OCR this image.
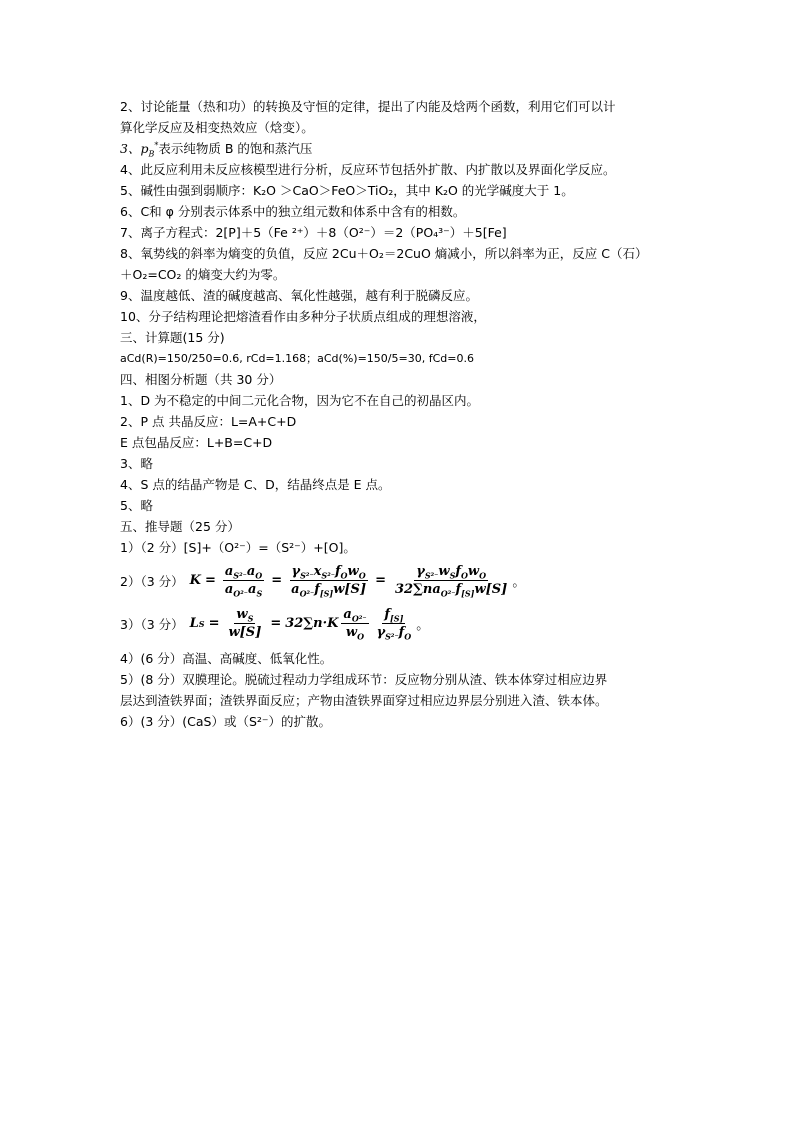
2、讨论能量（热和功）的转换及守恒的定律，提出了内能及焓两个函数，利用它们可以计
算化学反应及相变热效应（焓变）。
3、$p_B^*$表示纯物质 B 的饱和蒸汽压
4、此反应利用未反应核模型进行分析，反应环节包括外扩散、内扩散以及界面化学反应。
5、碱性由强到弱顺序：K₂O ＞CaO＞FeO＞TiO₂，其中 K₂O 的光学碱度大于 1。
6、C和 φ 分别表示体系中的独立组元数和体系中含有的相数。
7、离子方程式：2[P]＋5（Fe ²⁺）＋8（O²⁻）＝2（PO₄³⁻）＋5[Fe]
8、氧势线的斜率为熵变的负值，反应 2Cu＋O₂＝2CuO 熵减小，所以斜率为正，反应 C（石）
＋O₂=CO₂ 的熵变大约为零。
9、温度越低、渣的碱度越高、氧化性越强，越有利于脱磷反应。
10、分子结构理论把熔渣看作由多种分子状质点组成的理想溶液，
三、计算题(15 分)
aCd(R)=150/250=0.6, rCd=1.168；aCd(%)=150/5=30, fCd=0.6
四、相图分析题（共 30 分）
1、D 为不稳定的中间二元化合物，因为它不在自己的初晶区内。
2、P 点 共晶反应：L=A+C+D
E 点包晶反应：L+B=C+D
3、略
4、S 点的结晶产物是 C、D，结晶终点是 E 点。
5、略
五、推导题（25 分）
1）（2 分）[S]+（O²⁻）=（S²⁻）+[O]。
2）（3 分） $K = \frac{a_{S^{2-}}a_O}{a_{O^{2-}}a_S} = \frac{\gamma_{S^{2-}}x_{S^{2-}}f_Ow_O}{a_{O^{2-}}f_{[S]}w[S]} = \frac{\gamma_{S^{2-}}w_Sf_Ow_O}{32\sum na_{O^{2-}}f_{[S]}w[S]}$ 。
3）（3 分） L $S = \frac{w_S}{w[S]} = 32\sum n\cdot K \frac{a_{O^{2-}}}{w_O} \frac{f_{[S]}}{\gamma_{S^{2-}}f_O}$ 。
4）(6 分）高温、高碱度、低氧化性。
5）(8 分）双膜理论。脱硫过程动力学组成环节：反应物分别从渣、铁本体穿过相应边界
层达到渣铁界面；渣铁界面反应；产物由渣铁界面穿过相应边界层分别进入渣、铁本体。
6）(3 分）(CaS）或（S²⁻）的扩散。
